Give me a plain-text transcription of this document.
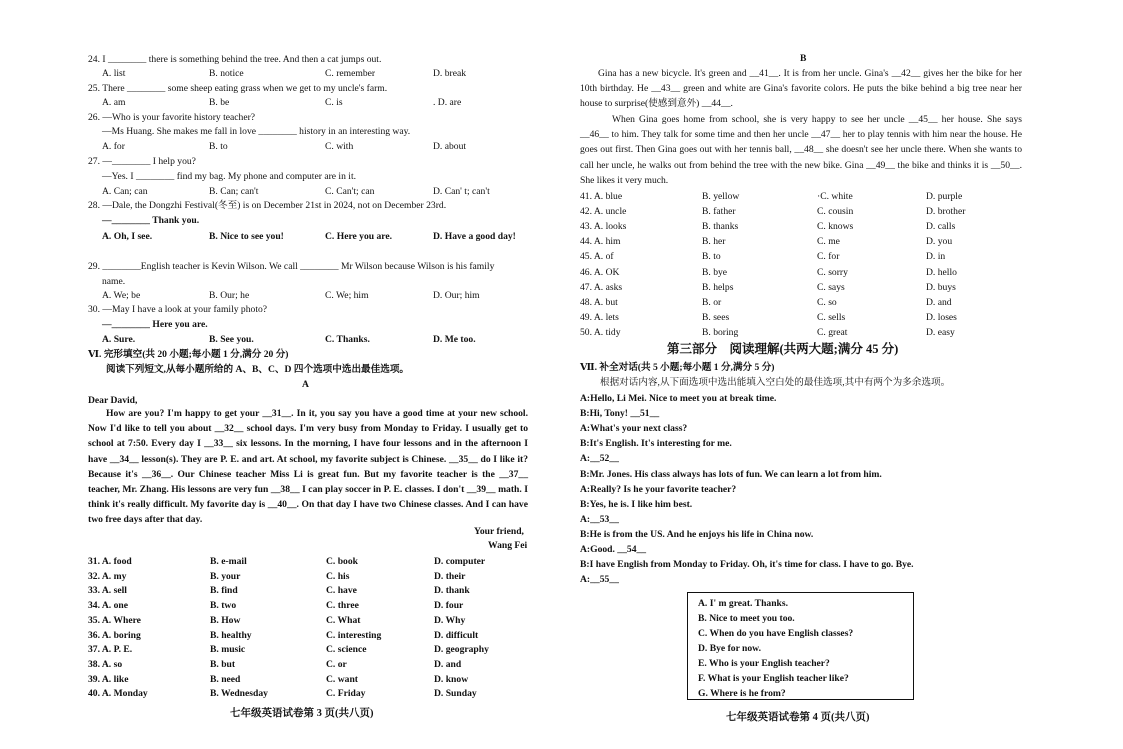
24. I ________ there is something behind the tree. And then a cat jumps out.
A. list	B. notice	C. remember	D. break
25. There ________ some sheep eating grass when we get to my uncle's farm.
A. am	B. be	C. is	. D. are
26. —Who is your favorite history teacher?
—Ms Huang. She makes me fall in love ________ history in an interesting way.
A. for	B. to	C. with	D. about
27. —________ I help you?
—Yes. I ________ find my bag. My phone and computer are in it.
A. Can; can	B. Can; can't	C. Can't; can	D. Can' t; can't
28. —Dale, the Dongzhi Festival(冬至) is on December 21st in 2024, not on December 23rd.
—________ Thank you.
A. Oh, I see.	B. Nice to see you!	C. Here you are.	D. Have a good day!
29. ________English teacher is Kevin Wilson. We call ________ Mr Wilson because Wilson is his family
name.
A. We; be	B. Our; he	C. We; him	D. Our; him
30. —May I have a look at your family photo?
—________ Here you are.
A. Sure.	B. See you.	C. Thanks.	D. Me too.
Ⅵ. 完形填空(共 20 小题;每小题 1 分,满分 20 分)
阅读下列短文,从每小题所给的 A、B、C、D 四个选项中选出最佳选项。
A
Dear David,
How are you? I'm happy to get your __31__. In it, you say you have a good time at your new school. Now I'd like to tell you about __32__ school days. I'm very busy from Monday to Friday. I usually get to school at 7:50. Every day I __33__ six lessons. In the morning, I have four lessons and in the afternoon I have __34__ lesson(s). They are P. E. and art. At school, my favorite subject is Chinese. __35__ do I like it? Because it's __36__. Our Chinese teacher Miss Li is great fun. But my favorite teacher is the __37__ teacher, Mr. Zhang. His lessons are very fun __38__ I can play soccer in P. E. classes. I don't __39__ math. I think it's really difficult. My favorite day is __40__. On that day I have two Chinese classes. And I can have two free days after that day.
Your friend,
Wang Fei
31. A. food	B. e-mail	C. book	D. computer
32. A. my	B. your	C. his	D. their
33. A. sell	B. find	C. have	D. thank
34. A. one	B. two	C. three	D. four
35. A. Where	B. How	C. What	D. Why
36. A. boring	B. healthy	C. interesting	D. difficult
37. A. P. E.	B. music	C. science	D. geography
38. A. so	B. but	C. or	D. and
39. A. like	B. need	C. want	D. know
40. A. Monday	B. Wednesday	C. Friday	D. Sunday
七年级英语试卷第 3 页(共八页)
B
Gina has a new bicycle. It's green and __41__. It is from her uncle. Gina's __42__ gives her the bike for her 10th birthday. He __43__ green and white are Gina's favorite colors. He puts the bike behind a big tree near her house to surprise(使感到意外) __44__.
When Gina goes home from school, she is very happy to see her uncle __45__ her house. She says __46__ to him. They talk for some time and then her uncle __47__ her to play tennis with him near the house. He goes out first. Then Gina goes out with her tennis ball, __48__ she doesn't see her uncle there. When she wants to call her uncle, he walks out from behind the tree with the new bike. Gina __49__ the bike and thinks it is __50__. She likes it very much.
41. A. blue	B. yellow	·C. white	D. purple
42. A. uncle	B. father	C. cousin	D. brother
43. A. looks	B. thanks	C. knows	D. calls
44. A. him	B. her	C. me	D. you
45. A. of	B. to	C. for	D. in
46. A. OK	B. bye	C. sorry	D. hello
47. A. asks	B. helps	C. says	D. buys
48. A. but	B. or	C. so	D. and
49. A. lets	B. sees	C. sells	D. loses
50. A. tidy	B. boring	C. great	D. easy
第三部分　阅读理解(共两大题;满分 45 分)
Ⅶ. 补全对话(共 5 小题;每小题 1 分,满分 5 分)
根据对话内容,从下面选项中选出能填入空白处的最佳选项,其中有两个为多余选项。
A:Hello, Li Mei. Nice to meet you at break time.
B:Hi, Tony! __51__
A:What's your next class?
B:It's English. It's interesting for me.
A:__52__
B:Mr. Jones. His class always has lots of fun. We can learn a lot from him.
A:Really? Is he your favorite teacher?
B:Yes, he is. I like him best.
A:__53__
B:He is from the US. And he enjoys his life in China now.
A:Good. __54__
B:I have English from Monday to Friday. Oh, it's time for class. I have to go. Bye.
A:__55__
A. I' m great. Thanks.
B. Nice to meet you too.
C. When do you have English classes?
D. Bye for now.
E. Who is your English teacher?
F. What is your English teacher like?
G. Where is he from?
七年级英语试卷第 4 页(共八页)
